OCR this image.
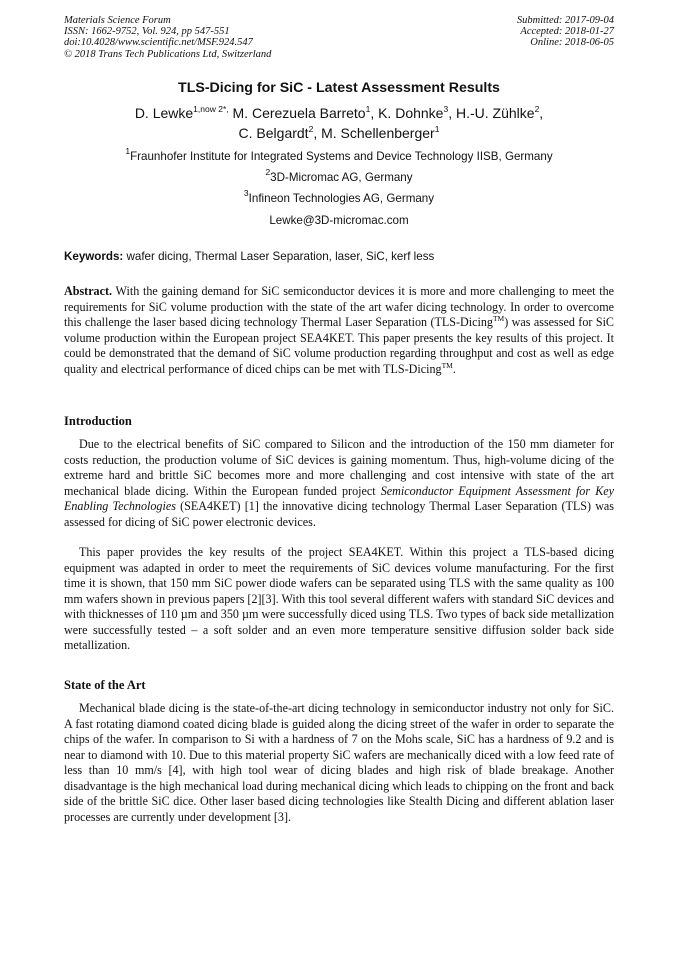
Materials Science Forum
ISSN: 1662-9752, Vol. 924, pp 547-551
doi:10.4028/www.scientific.net/MSF.924.547
© 2018 Trans Tech Publications Ltd, Switzerland
Submitted: 2017-09-04
Accepted: 2018-01-27
Online: 2018-06-05
TLS-Dicing for SiC - Latest Assessment Results
D. Lewke$^{1,now 2*,}$ M. Cerezuela Barreto$^1$, K. Dohnke$^3$, H.-U. Zühlke$^2$,
C. Belgardt$^2$, M. Schellenberger$^1$
$^1$Fraunhofer Institute for Integrated Systems and Device Technology IISB, Germany
$^2$3D-Micromac AG, Germany
$^3$Infineon Technologies AG, Germany
Lewke@3D-micromac.com
Keywords: wafer dicing, Thermal Laser Separation, laser, SiC, kerf less
Abstract. With the gaining demand for SiC semiconductor devices it is more and more challenging to meet the requirements for SiC volume production with the state of the art wafer dicing technology. In order to overcome this challenge the laser based dicing technology Thermal Laser Separation (TLS-Dicing™) was assessed for SiC volume production within the European project SEA4KET. This paper presents the key results of this project. It could be demonstrated that the demand of SiC volume production regarding throughput and cost as well as edge quality and electrical performance of diced chips can be met with TLS-Dicing™.
Introduction
Due to the electrical benefits of SiC compared to Silicon and the introduction of the 150 mm diameter for costs reduction, the production volume of SiC devices is gaining momentum. Thus, high-volume dicing of the extreme hard and brittle SiC becomes more and more challenging and cost intensive with state of the art mechanical blade dicing. Within the European funded project Semiconductor Equipment Assessment for Key Enabling Technologies (SEA4KET) [1] the innovative dicing technology Thermal Laser Separation (TLS) was assessed for dicing of SiC power electronic devices.
This paper provides the key results of the project SEA4KET. Within this project a TLS-based dicing equipment was adapted in order to meet the requirements of SiC devices volume manufacturing. For the first time it is shown, that 150 mm SiC power diode wafers can be separated using TLS with the same quality as 100 mm wafers shown in previous papers [2][3]. With this tool several different wafers with standard SiC devices and with thicknesses of 110 µm and 350 µm were successfully diced using TLS. Two types of back side metallization were successfully tested – a soft solder and an even more temperature sensitive diffusion solder back side metallization.
State of the Art
Mechanical blade dicing is the state-of-the-art dicing technology in semiconductor industry not only for SiC. A fast rotating diamond coated dicing blade is guided along the dicing street of the wafer in order to separate the chips of the wafer. In comparison to Si with a hardness of 7 on the Mohs scale, SiC has a hardness of 9.2 and is near to diamond with 10. Due to this material property SiC wafers are mechanically diced with a low feed rate of less than 10 mm/s [4], with high tool wear of dicing blades and high risk of blade breakage. Another disadvantage is the high mechanical load during mechanical dicing which leads to chipping on the front and back side of the brittle SiC dice. Other laser based dicing technologies like Stealth Dicing and different ablation laser processes are currently under development [3].
